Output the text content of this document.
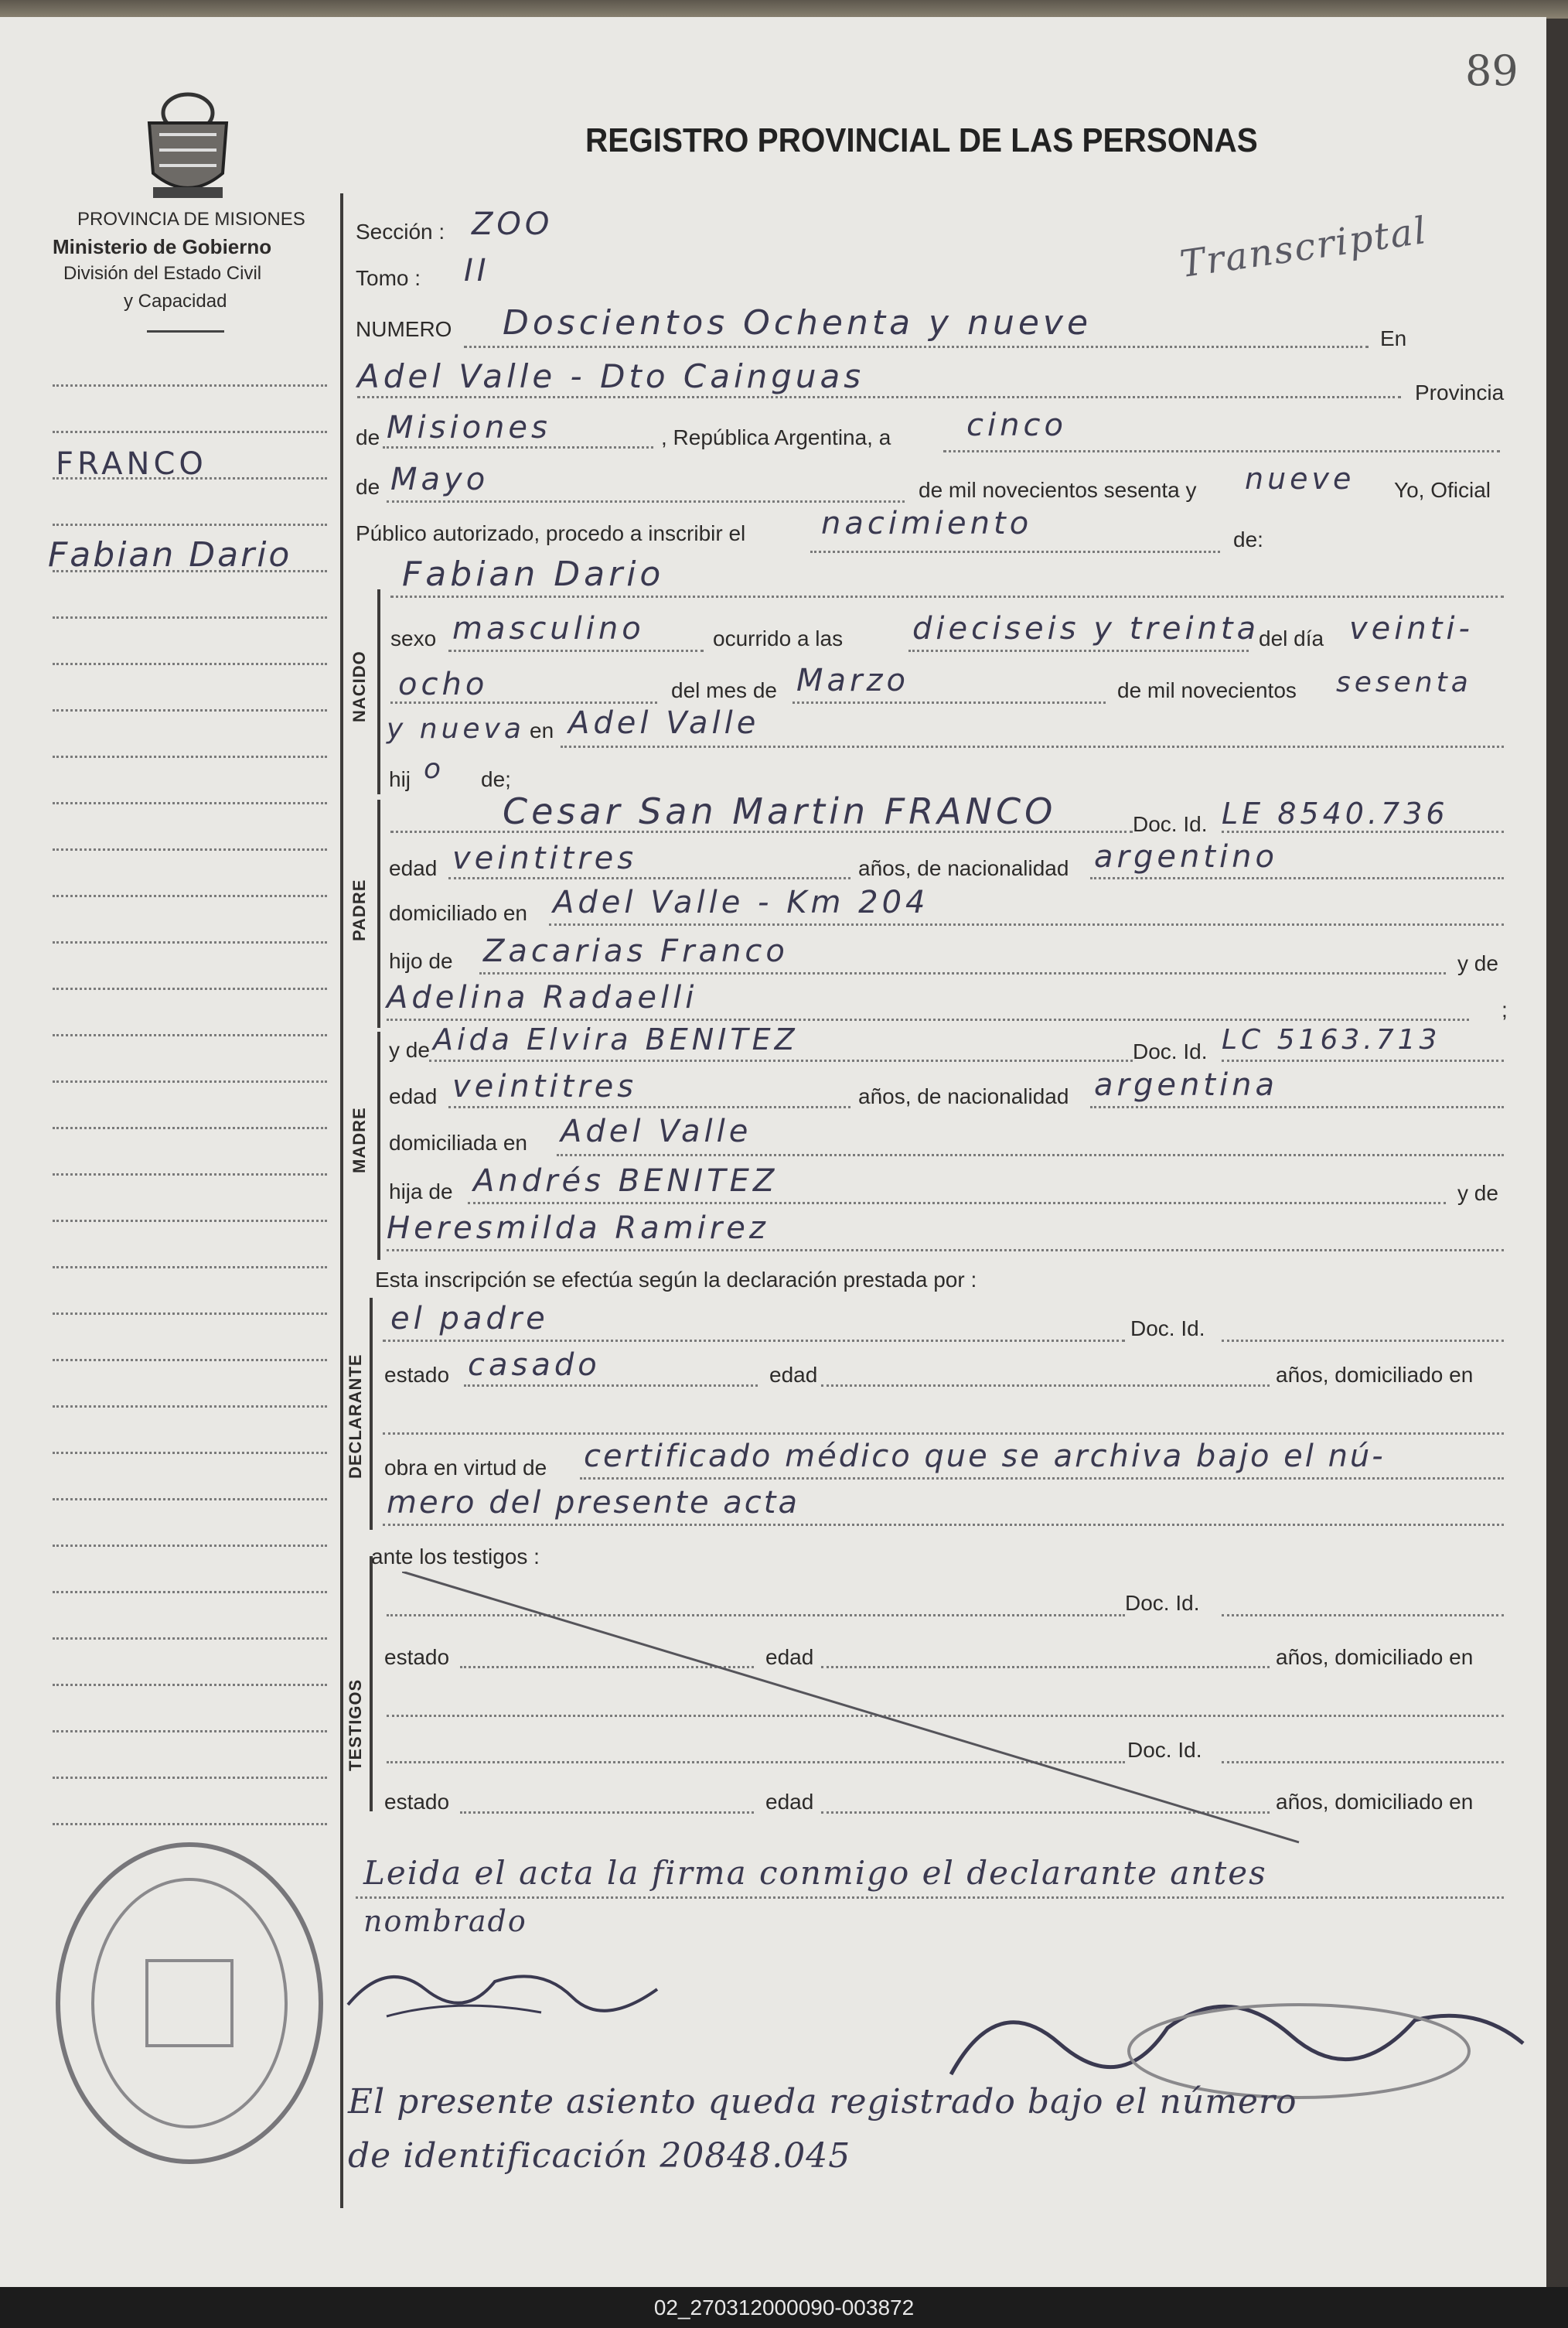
89
PROVINCIA DE MISIONES
Ministerio de Gobierno
División del Estado Civil
y Capacidad
REGISTRO PROVINCIAL DE LAS PERSONAS
Transcriptal
NACIDO
PADRE
MADRE
DECLARANTE
TESTIGOS
FRANCO
Fabian Dario
Sección : ZOO
Tomo : II
NUMERO Doscientos Ochenta y nueve	En
Adel Valle - Dto Cainguas	Provincia
de Misiones	, República Argentina, a cinco
de Mayo	de mil novecientos sesenta y nueve Yo, Oficial
Público autorizado, procedo a inscribir el nacimiento	de:
Fabian Dario
sexo masculino	ocurrido a las dieciseis y treinta
del día veinti-
ocho	del mes de Marzo	de mil novecientos sesenta
y nueva en Adel Valle
hij o de;
Cesar San Martin FRANCO	Doc. Id. LE 8540.736
edad veintitres	años, de nacionalidad argentino
domiciliado en Adel Valle - Km 204
hijo de Zacarias Franco	y de
Adelina Radaelli	;
y de Aida Elvira BENITEZ	Doc. Id. LC 5163.713
edad veintitres	años, de nacionalidad argentina
domiciliada en Adel Valle
hija de Andrés BENITEZ	y de
Heresmilda Ramirez
Esta inscripción se efectúa según la declaración prestada por :
el padre	Doc. Id.
estado casado	edad	años, domiciliado en
obra en virtud de certificado médico que se archiva bajo el nú-
mero del presente acta
ante los testigos :
Doc. Id.
estado	edad	años, domiciliado en
Doc. Id.
estado	edad	años, domiciliado en
Leida el acta la firma conmigo el declarante antes
nombrado
El presente asiento queda registrado bajo el número
de identificación 20848.045
02_270312000090-003872
